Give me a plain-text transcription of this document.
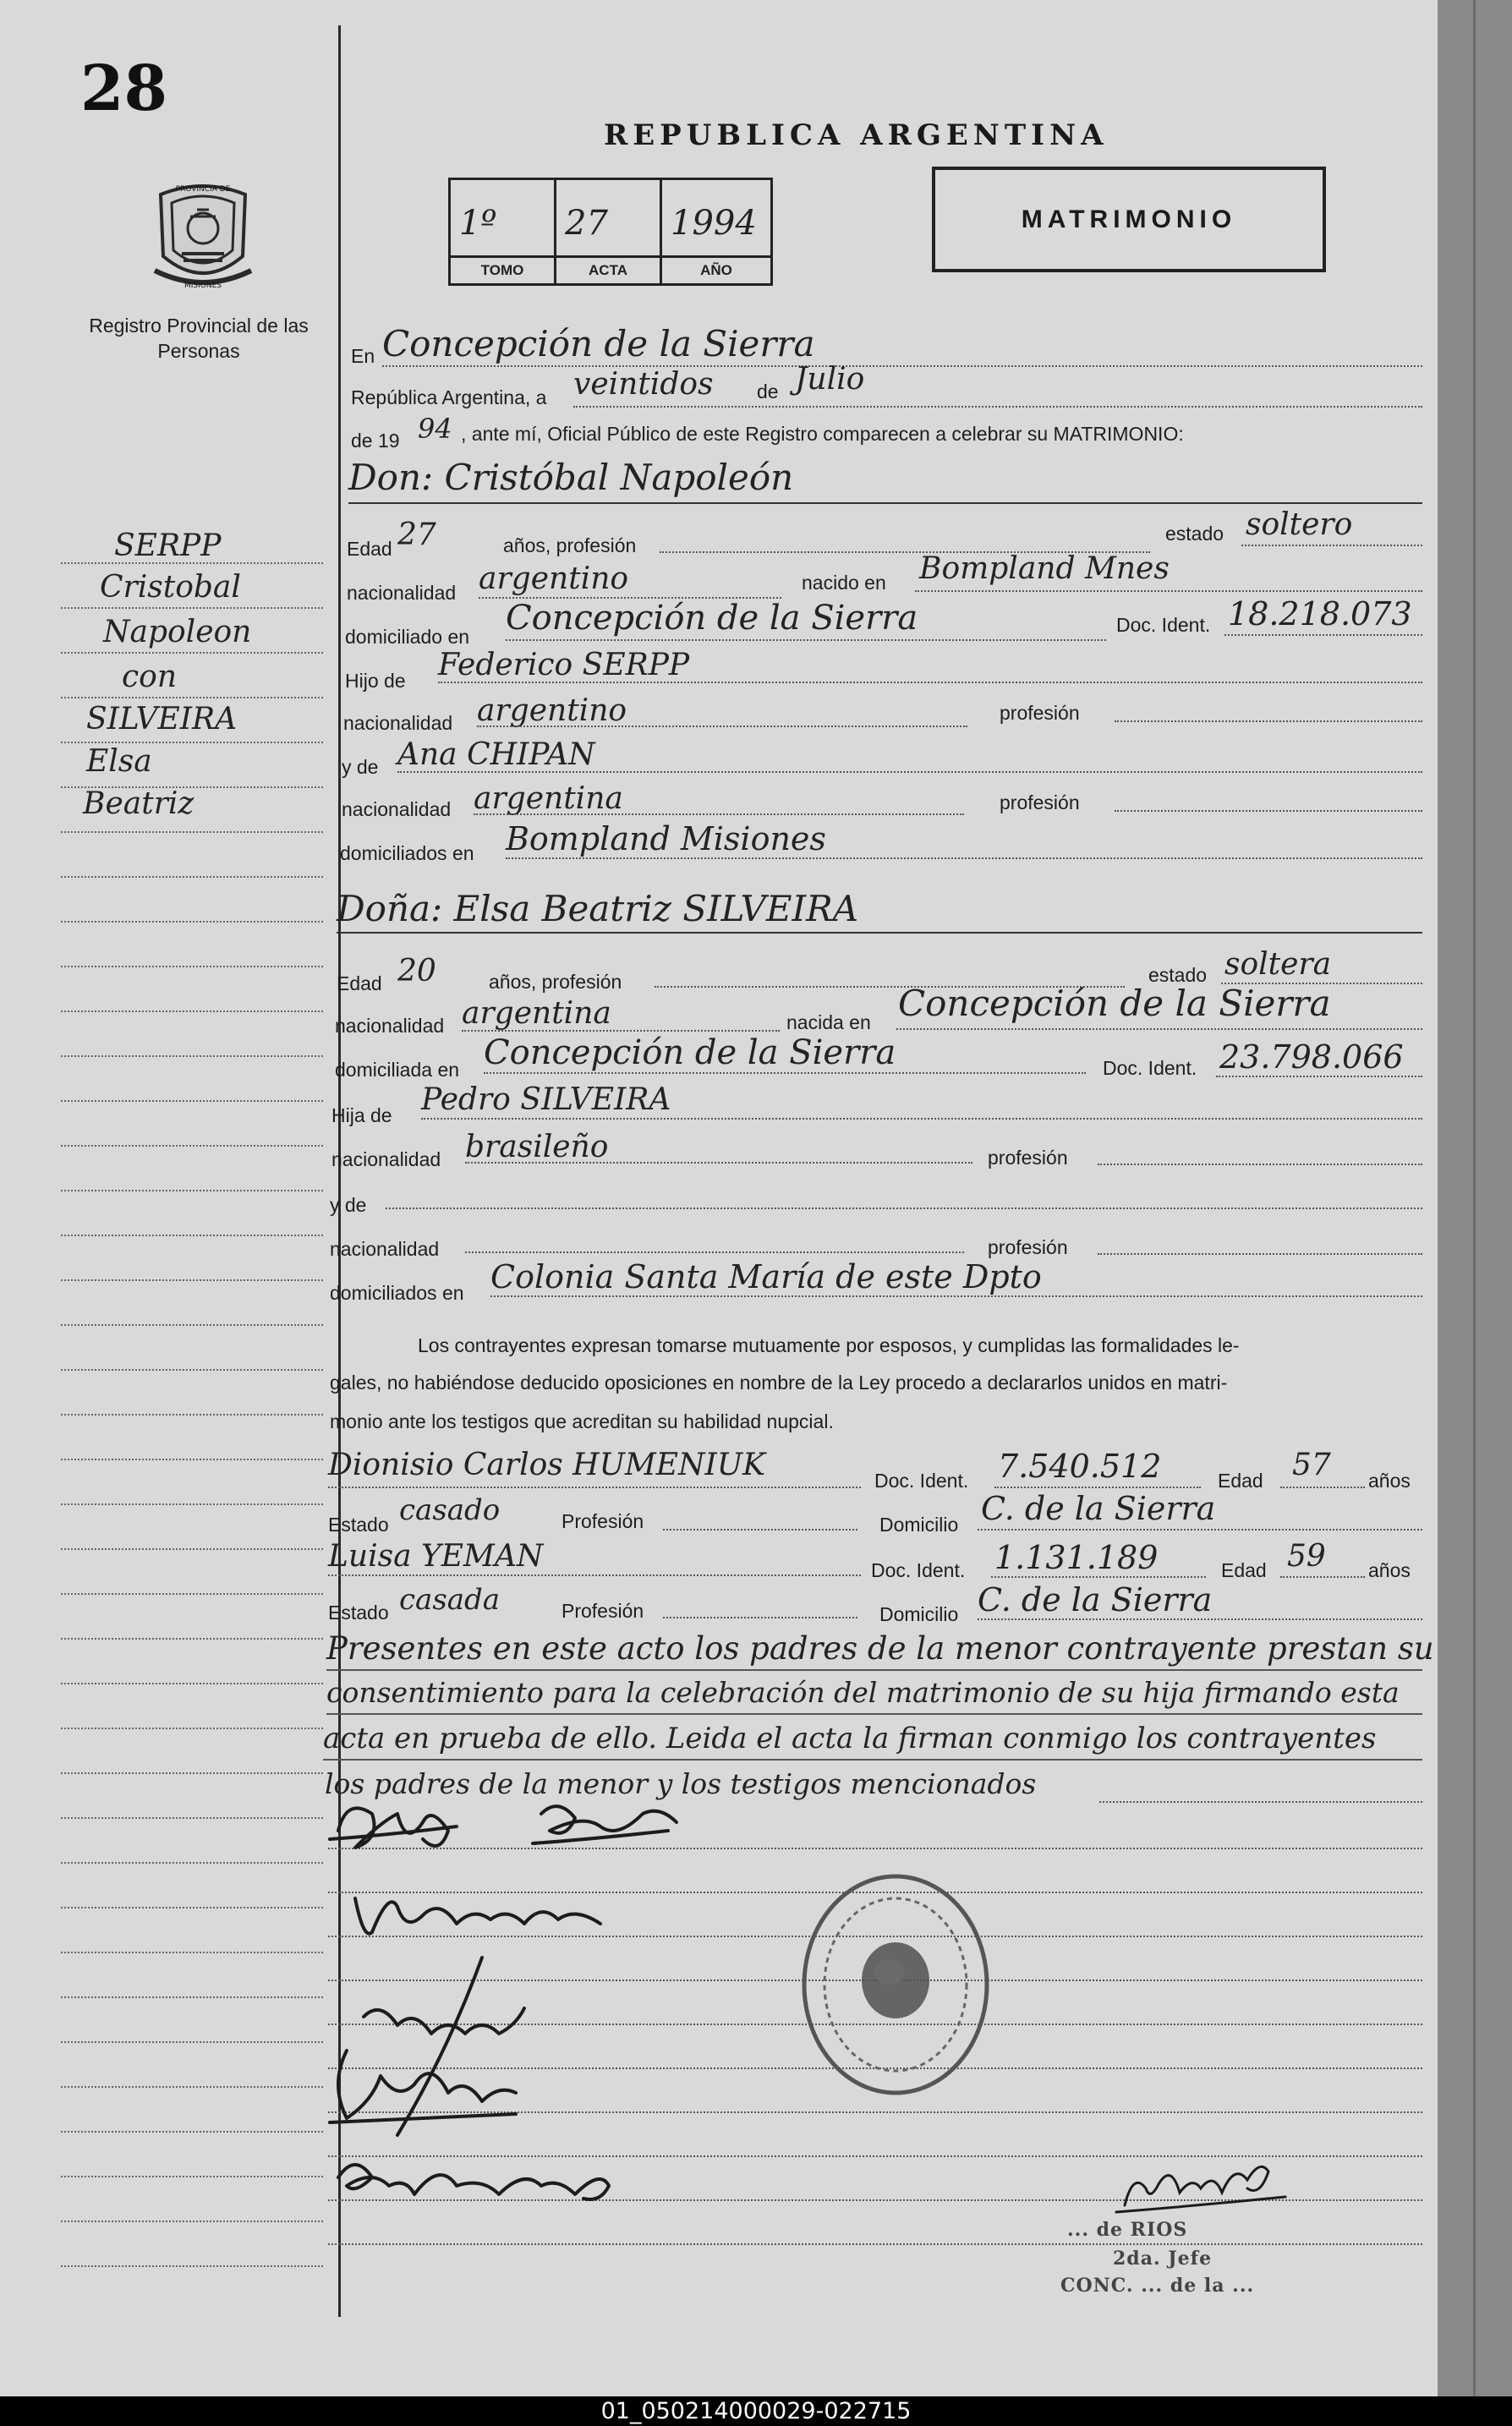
28
PROVINCIA DE
MISIONES
Registro Provincial de las Personas
REPUBLICA ARGENTINA
1º
TOMO
27
ACTA
1994
AÑO
MATRIMONIO
SERPP
Cristobal
Napoleon
con
SILVEIRA
Elsa
Beatriz
En Concepción de la Sierra
República Argentina, a veintidos de Julio
de 19 94 , ante mí, Oficial Público de este Registro comparecen a celebrar su MATRIMONIO:
Don: Cristóbal Napoleón
Edad 27	años, profesión
estado soltero
nacionalidad argentino	nacido en Bompland Mnes
domiciliado en Concepción de la Sierra	Doc. Ident. 18.218.073
Hijo de Federico SERPP
nacionalidad argentino	profesión
y de Ana CHIPAN
nacionalidad argentina	profesión
domiciliados en Bompland Misiones
Doña: Elsa Beatriz SILVEIRA
Edad 20	años, profesión	estado soltera
nacionalidad argentina	nacida en Concepción de la Sierra
domiciliada en Concepción de la Sierra	Doc. Ident. 23.798.066
Hija de Pedro SILVEIRA
nacionalidad brasileño	profesión
y de
nacionalidad	profesión
domiciliados en Colonia Santa María de este Dpto
Los contrayentes expresan tomarse mutuamente por esposos, y cumplidas las formalidades le-
gales, no habiéndose deducido oposiciones en nombre de la Ley procedo a declararlos unidos en matri-
monio ante los testigos que acreditan su habilidad nupcial.
Dionisio Carlos HUMENIUK	Doc. Ident. 7.540.512	Edad 57 años
Estado casado	Profesión	Domicilio C. de la Sierra
Luisa YEMAN	Doc. Ident. 1.131.189	Edad 59 años
Estado casada	Profesión	Domicilio C. de la Sierra
Presentes en este acto los padres de la menor contrayente prestan su
consentimiento para la celebración del matrimonio de su hija firmando esta
acta en prueba de ello. Leida el acta la firman conmigo los contrayentes
los padres de la menor y los testigos mencionados
... de RIOS
2da. Jefe
CONC. ... de la ...
01_050214000029-022715
